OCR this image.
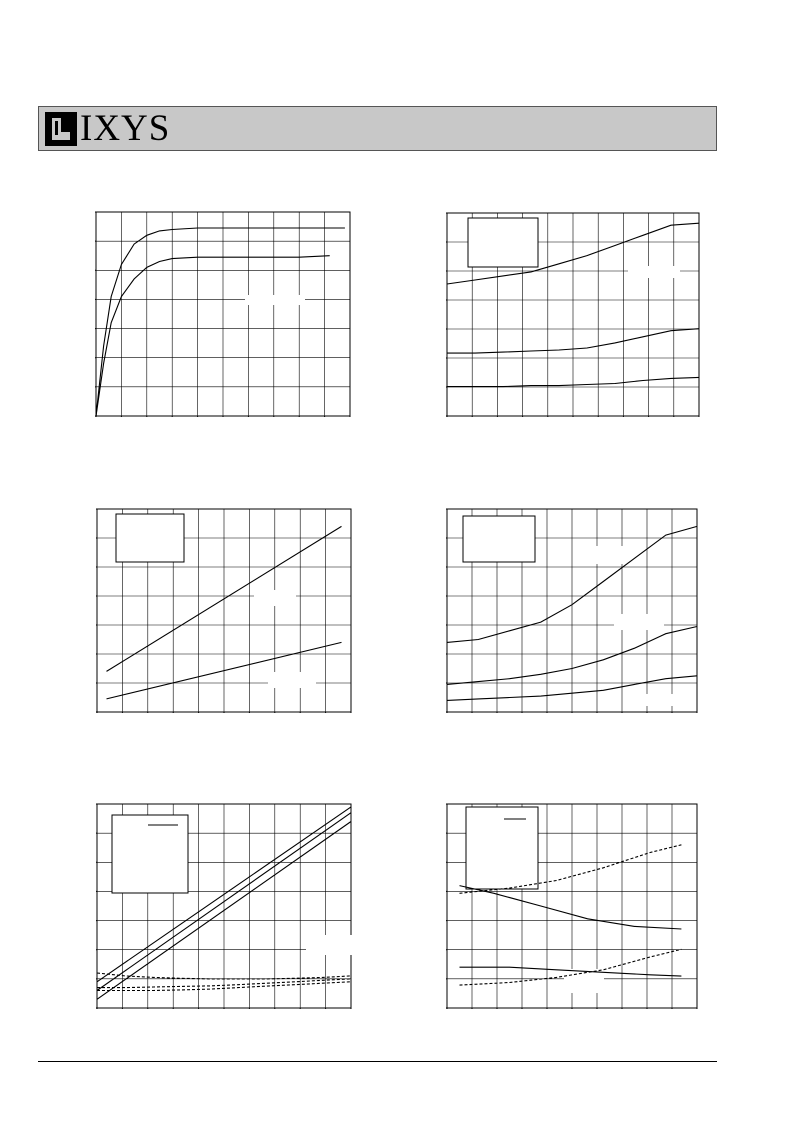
IXYS
